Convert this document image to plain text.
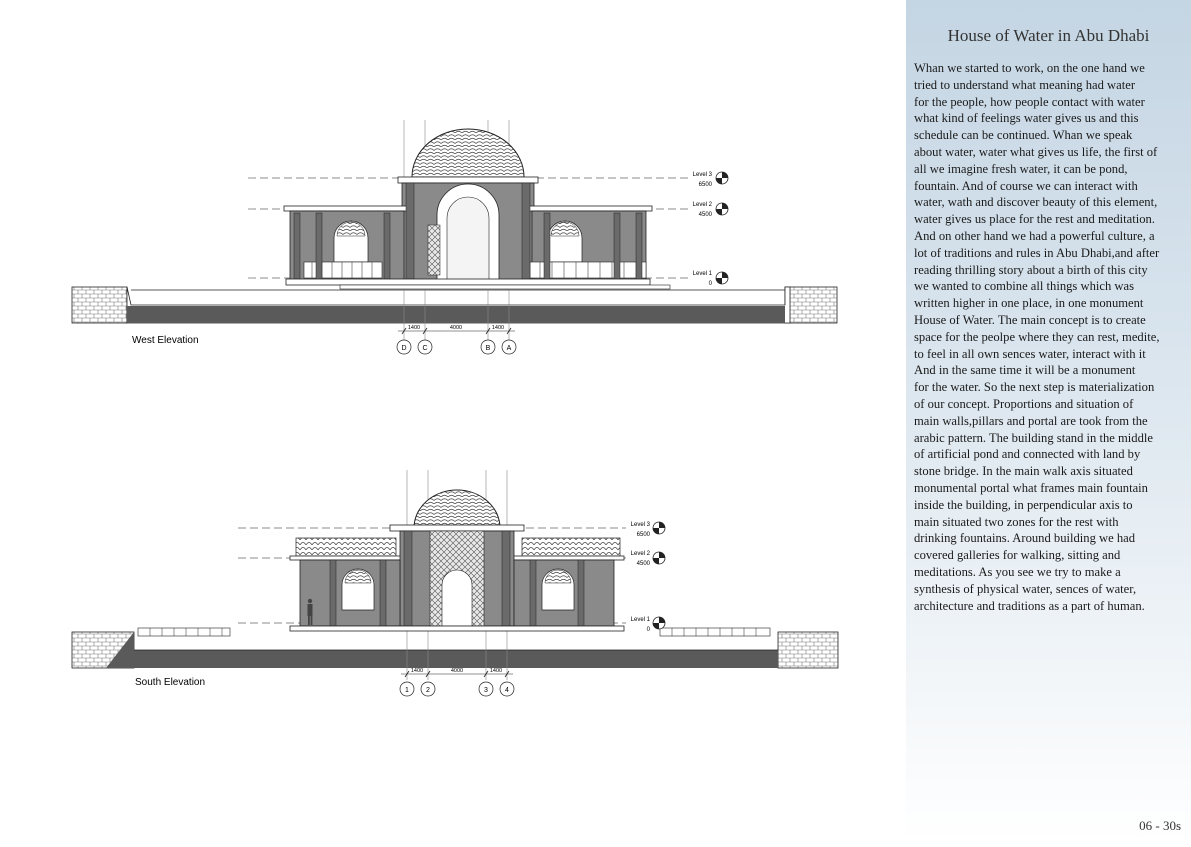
Level 3
6500
Level 2
4500
Level 1
0
1400	4000	1400
D C	B A
West Elevation
Level 3
6500
Level 2
4500
Level 1
0
1400	4000	1400
1 2	3 4
South Elevation
House of Water in Abu Dhabi
Whan we started to work, on the one hand we
tried to understand what meaning had water
for the people, how people contact with water
what kind of feelings water gives us and this
schedule can be continued. Whan we speak
about water, water what gives us life, the first of
all we imagine fresh water, it can be pond,
fountain. And of course we can interact with
water, wath and discover beauty of this element,
water gives us place for the rest and meditation.
And on other hand we had a powerful culture, a
lot of traditions and rules in Abu Dhabi,and after
reading thrilling story about a birth of this city
we wanted to combine all things which was
written higher in one place, in one monument
House of Water. The main concept is to create
space for the peolpe where they can rest, medite,
to feel in all own sences water, interact with it
And in the same time it will be a monument
for the water. So the next step is materialization
of our concept. Proportions and situation of
main walls,pillars and portal are took from the
arabic pattern. The building stand in the middle
of artificial pond and connected with land by
stone bridge. In the main walk axis situated
monumental portal what frames main fountain
inside the building, in perpendicular axis to
main situated two zones for the rest with
drinking fountains. Around building we had
covered galleries for walking, sitting and
meditations. As you see we try to make a
synthesis of physical water, sences of water,
architecture and traditions as a part of human.
06 - 30s
